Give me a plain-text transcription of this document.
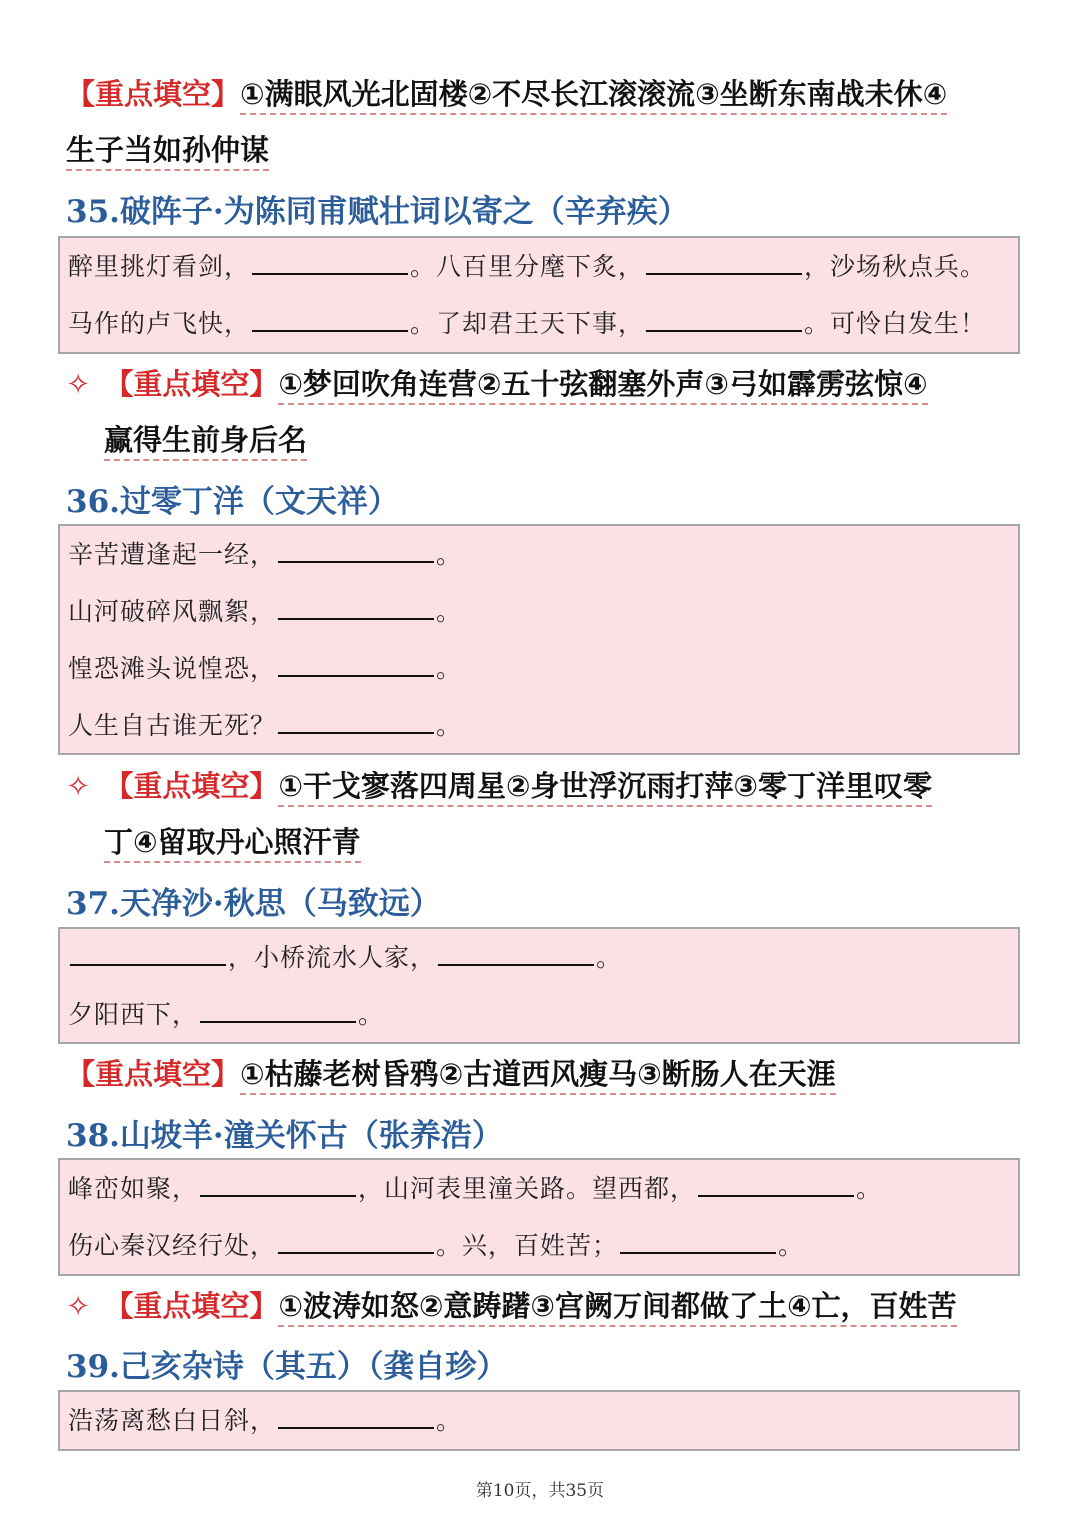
【重点填空】①满眼风光北固楼②不尽长江滚滚流③坐断东南战未休④
生子当如孙仲谋
35.破阵子·为陈同甫赋壮词以寄之（辛弃疾）
醉里挑灯看剑，	。八百里分麾下炙，	，沙场秋点兵。
马作的卢飞快，	。了却君王天下事，	。可怜白发生！
✧ 【重点填空】①梦回吹角连营②五十弦翻塞外声③弓如霹雳弦惊④
赢得生前身后名
36.过零丁洋（文天祥）
辛苦遭逢起一经，	。
山河破碎风飘絮，	。
惶恐滩头说惶恐，	。
人生自古谁无死？	。
✧ 【重点填空】①干戈寥落四周星②身世浮沉雨打萍③零丁洋里叹零
丁④留取丹心照汗青
37.天净沙·秋思（马致远）
，小桥流水人家，	。
夕阳西下，	。
【重点填空】①枯藤老树昏鸦②古道西风瘦马③断肠人在天涯
38.山坡羊·潼关怀古（张养浩）
峰峦如聚，	，山河表里潼关路。望西都，	。
伤心秦汉经行处，	。兴，百姓苦；	。
✧ 【重点填空】①波涛如怒②意踌躇③宫阙万间都做了土④亡，百姓苦
39.己亥杂诗（其五）（龚自珍）
浩荡离愁白日斜，	。
第10页，共35页
